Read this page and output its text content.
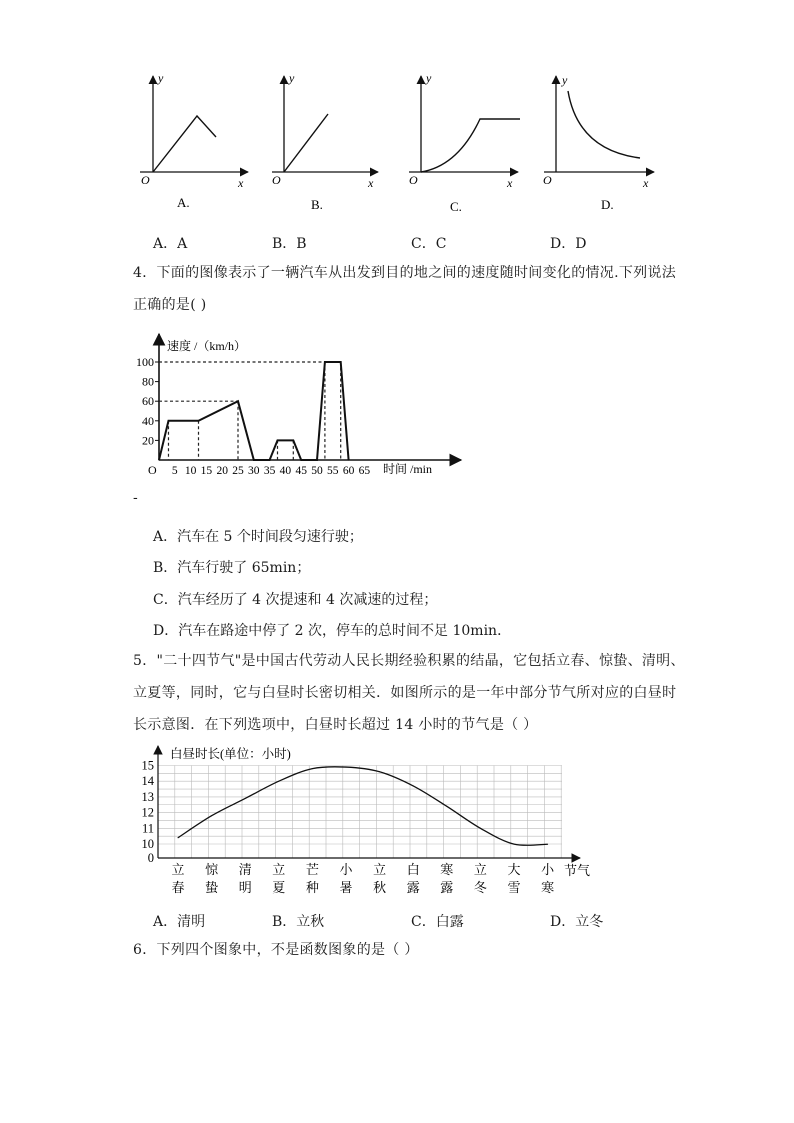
y
x
O
A.
y
x
O
B.
y
x
O
C.
y
x
O
D.
A．A	B．B	C．C	D．D
4．下面的图像表示了一辆汽车从出发到目的地之间的速度随时间变化的情况.下列说法
正确的是( )
20
40
60
80
100
5 10 15 20 25 30 35 40 45 50 55 60 65
速度 /（km/h）
时间 /min
O
-
A．汽车在 5 个时间段匀速行驶；
B．汽车行驶了 65min；
C．汽车经历了 4 次提速和 4 次减速的过程；
D．汽车在路途中停了 2 次，停车的总时间不足 10min．
5．"二十四节气"是中国古代劳动人民长期经验积累的结晶，它包括立春、惊蛰、清明、
立夏等，同时，它与白昼时长密切相关．如图所示的是一年中部分节气所对应的白昼时
长示意图．在下列选项中，白昼时长超过 14 小时的节气是（ ）
0
10
11
12
13
14
15
立
春
惊
蛰
清
明
立
夏
芒
种
小
暑
立
秋
白
露
寒
露
立
冬
大
雪
小
寒
白昼时长(单位：小时)
节气
A．清明	B．立秋	C．白露	D．立冬
6．下列四个图象中，不是函数图象的是（ ）
